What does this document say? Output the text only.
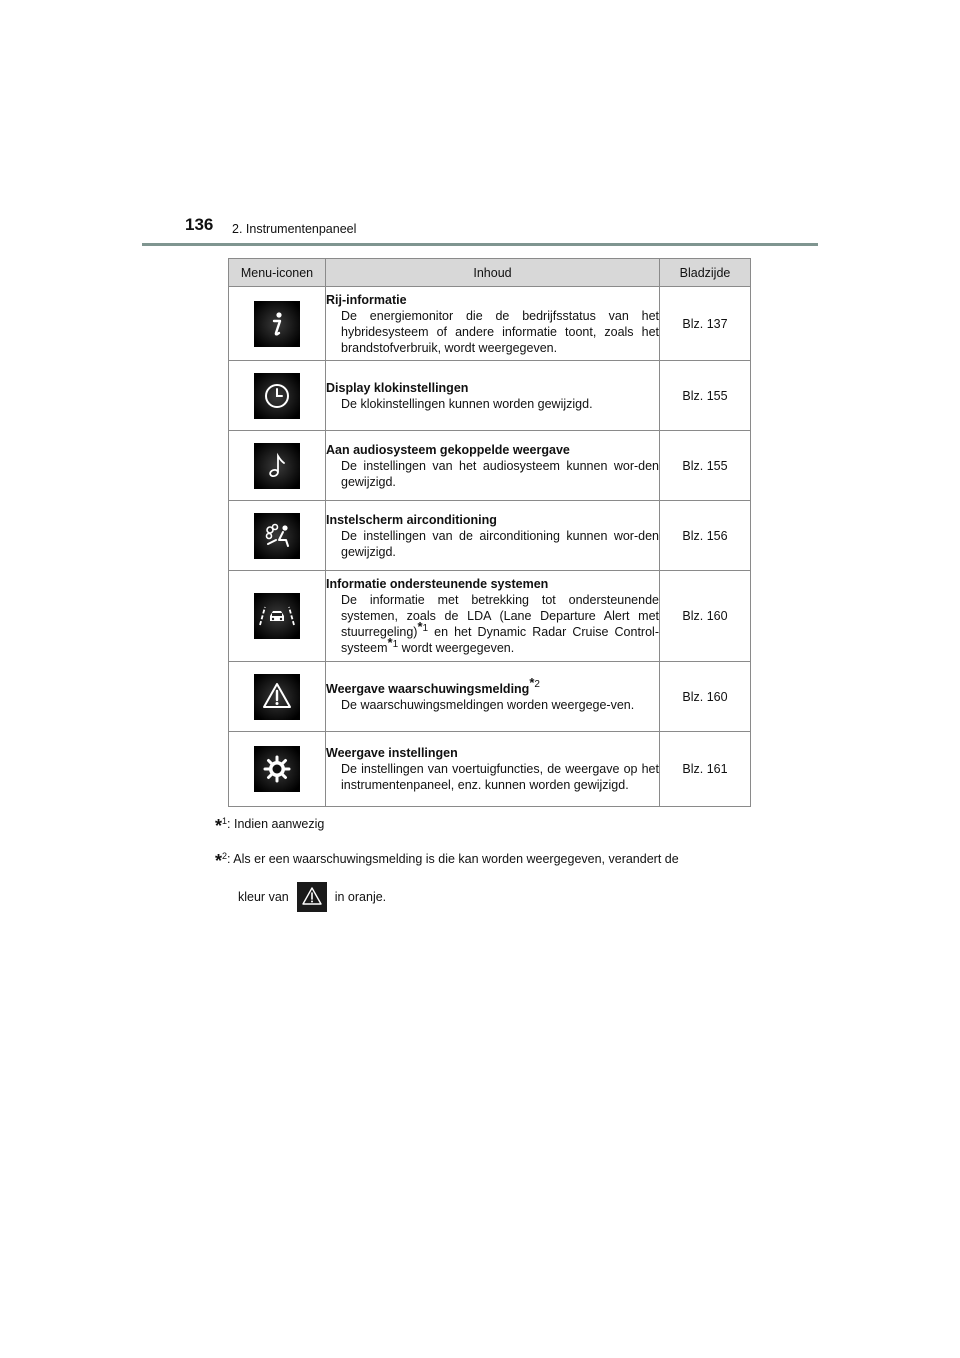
136 2. Instrumentenpaneel
Menu-iconen	Inhoud	Bladzijde

Rij-informatie
De energiemonitor die de bedrijfsstatus van het hybridesysteem of andere informatie toont, zoals het brandstofverbruik, wordt weergegeven.	Blz. 137

Display klokinstellingen
De klokinstellingen kunnen worden gewijzigd.	Blz. 155

Aan audiosysteem gekoppelde weergave
De instellingen van het audiosysteem kunnen wor-den gewijzigd.	Blz. 155

Instelscherm airconditioning
De instellingen van de airconditioning kunnen wor-den gewijzigd.	Blz. 156

Informatie ondersteunende systemen
De informatie met betrekking tot ondersteunende systemen, zoals de LDA (Lane Departure Alert met stuurregeling)$^{*1}$ en het Dynamic Radar Cruise Control-systeem$^{*1}$ wordt weergegeven.	Blz. 160

Weergave waarschuwingsmelding$^{*2}$
De waarschuwingsmeldingen worden weergege-ven.	Blz. 160

Weergave instellingen
De instellingen van voertuigfuncties, de weergave op het instrumentenpaneel, enz. kunnen worden gewijzigd.	Blz. 161
*$^1$: Indien aanwezig
*$^2$: Als er een waarschuwingsmelding is die kan worden weergegeven, verandert de
kleur van	in oranje.
